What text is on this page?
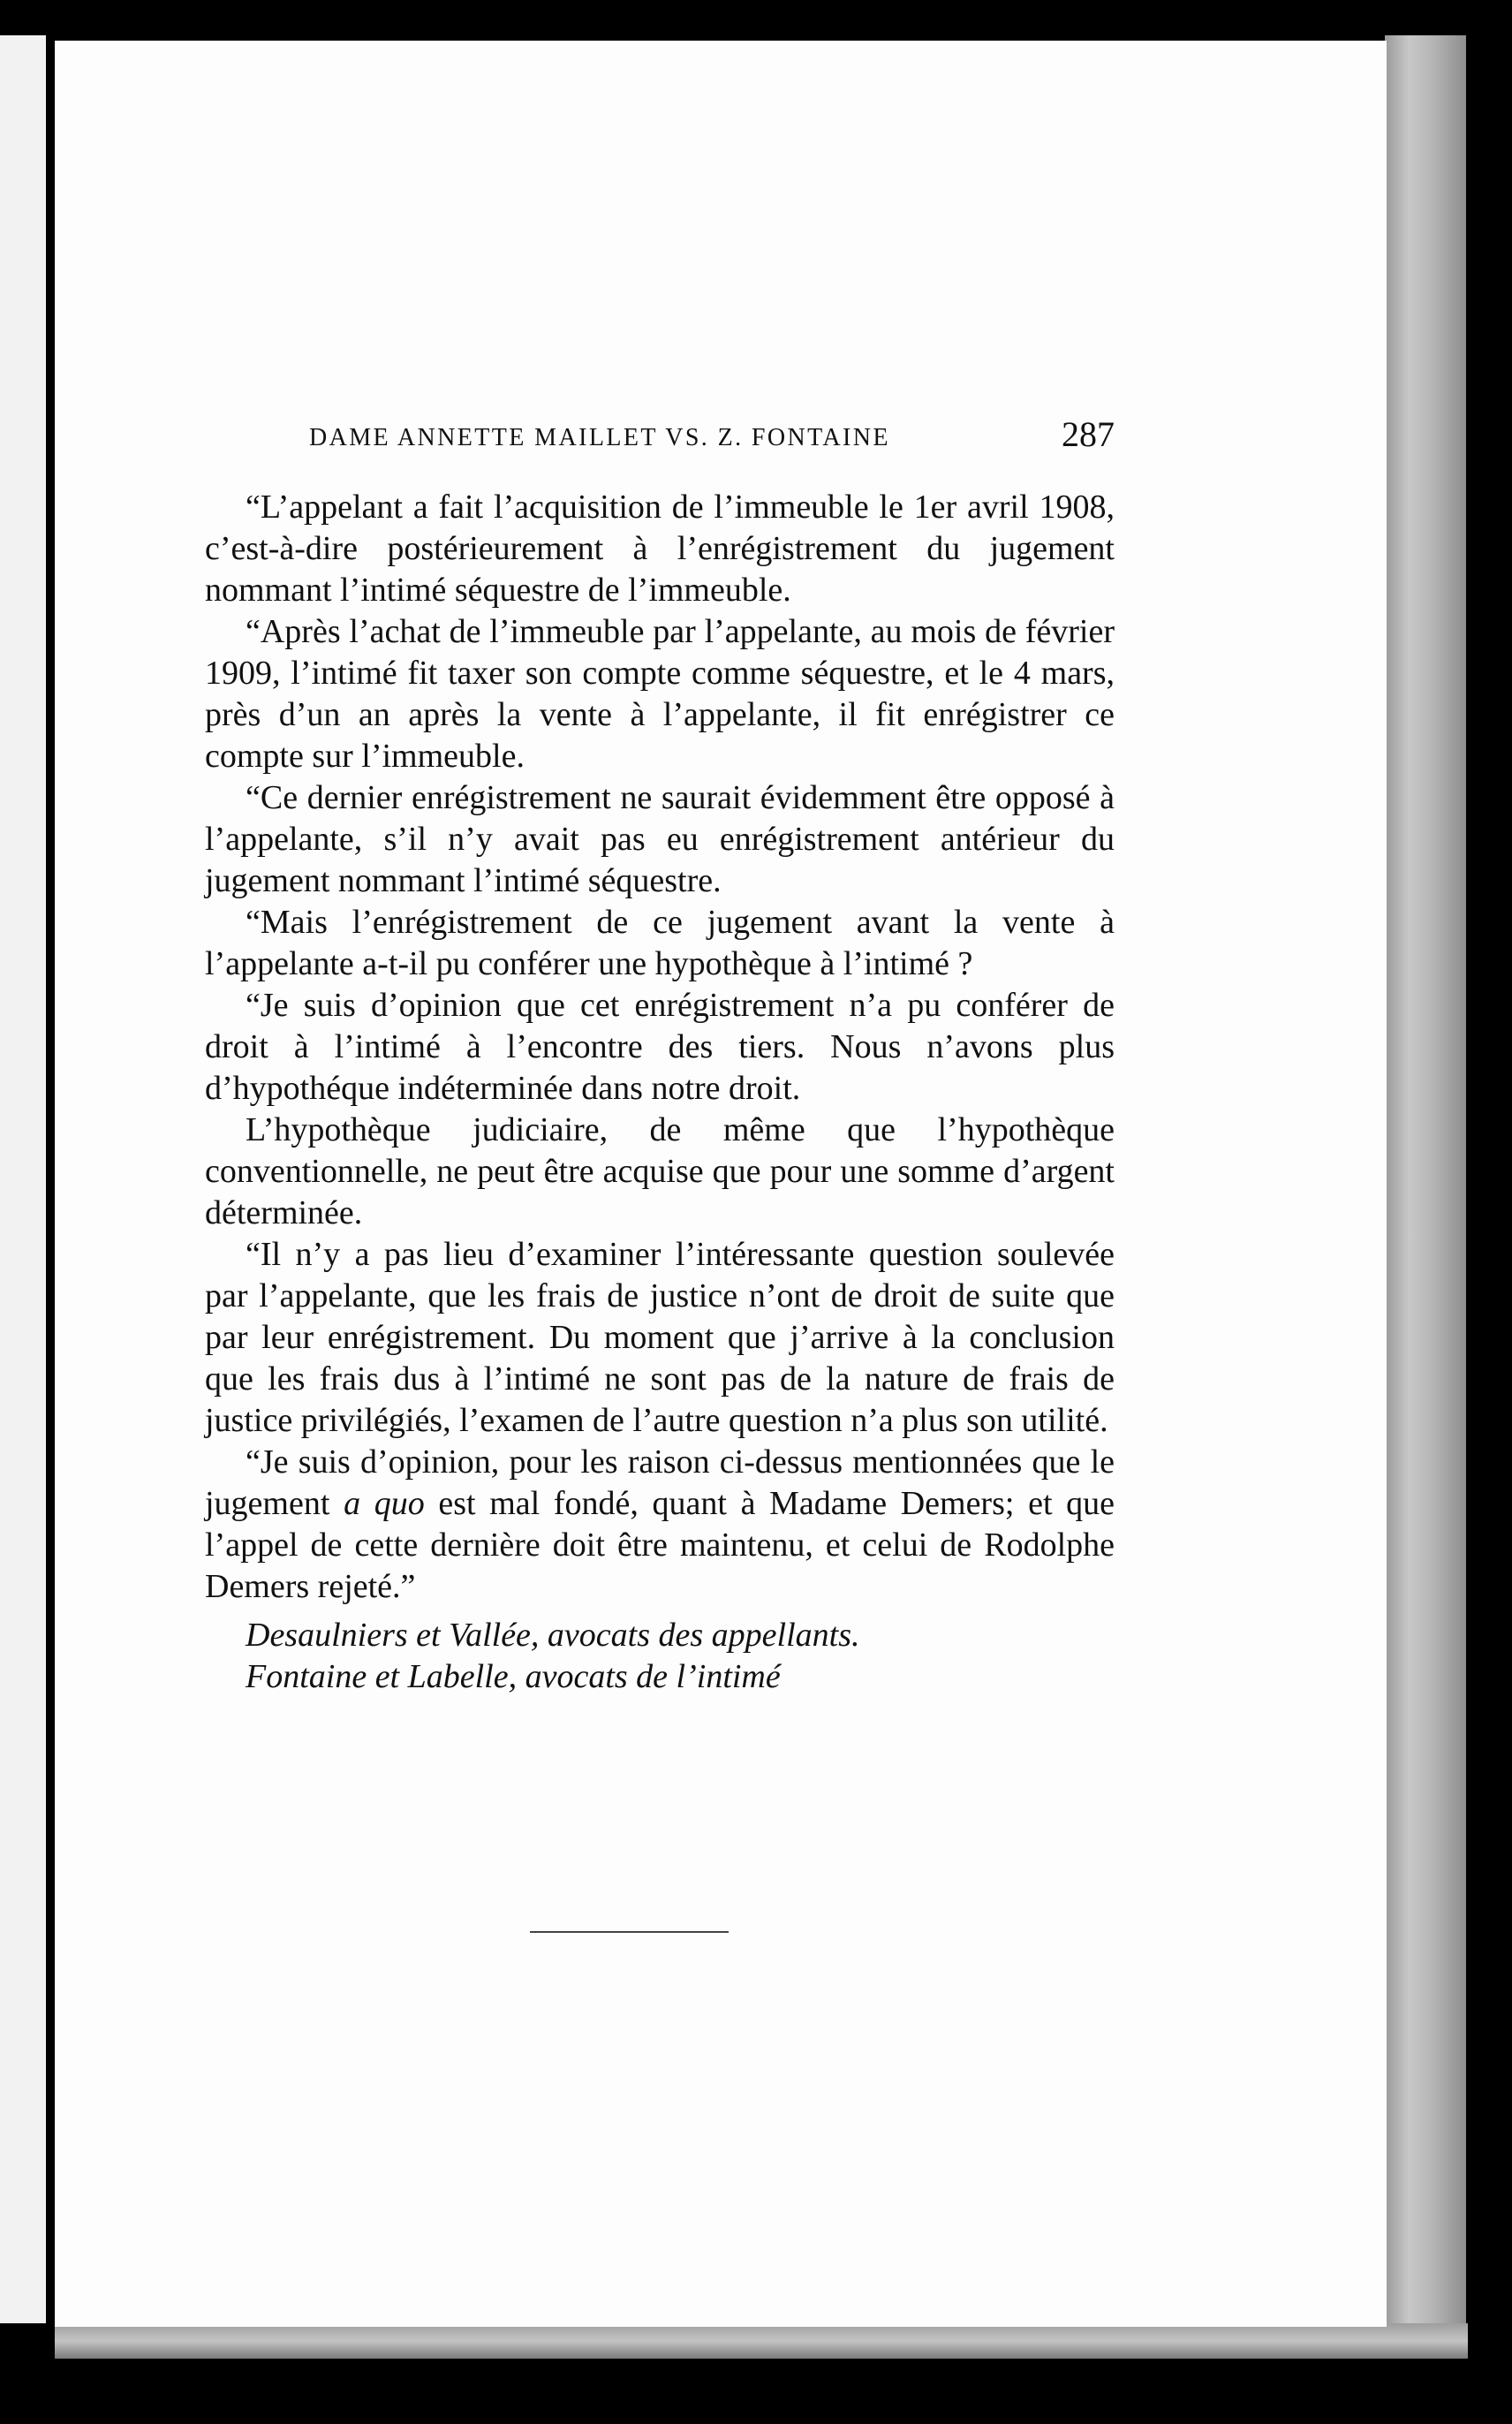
DAME ANNETTE MAILLET VS. Z. FONTAINE	287

“L’appelant a fait l’acquisition de l’immeuble le 1er avril 1908, c’est-à-dire postérieurement à l’enrégistrement du jugement nommant l’intimé séquestre de l’immeuble.

“Après l’achat de l’immeuble par l’appelante, au mois de février 1909, l’intimé fit taxer son compte comme séquestre, et le 4 mars, près d’un an après la vente à l’appelante, il fit enrégistrer ce compte sur l’immeuble.

“Ce dernier enrégistrement ne saurait évidemment être opposé à l’appelante, s’il n’y avait pas eu enrégistrement antérieur du jugement nommant l’intimé séquestre.

“Mais l’enrégistrement de ce jugement avant la vente à l’appelante a-t-il pu conférer une hypothèque à l’intimé ?

“Je suis d’opinion que cet enrégistrement n’a pu conférer de droit à l’intimé à l’encontre des tiers. Nous n’avons plus d’hypothéque indéterminée dans notre droit.

L’hypothèque judiciaire, de même que l’hypothèque conventionnelle, ne peut être acquise que pour une somme d’argent déterminée.

“Il n’y a pas lieu d’examiner l’intéressante question soulevée par l’appelante, que les frais de justice n’ont de droit de suite que par leur enrégistrement. Du moment que j’arrive à la conclusion que les frais dus à l’intimé ne sont pas de la nature de frais de justice privilégiés, l’examen de l’autre question n’a plus son utilité.

“Je suis d’opinion, pour les raison ci-dessus mentionnées que le jugement a quo est mal fondé, quant à Madame Demers; et que l’appel de cette dernière doit être maintenu, et celui de Rodolphe Demers rejeté.”

Desaulniers et Vallée, avocats des appellants.

Fontaine et Labelle, avocats de l’intimé
